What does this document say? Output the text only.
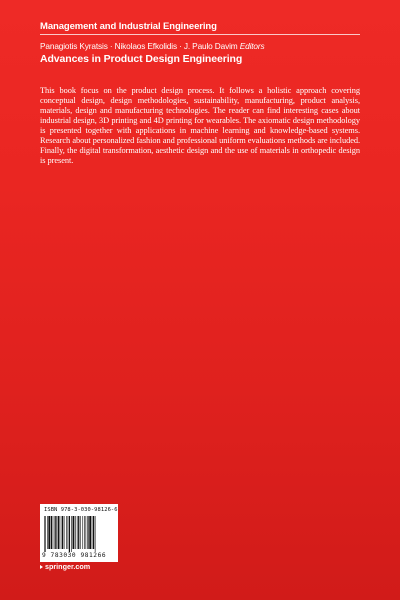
Management and Industrial Engineering
Panagiotis Kyratsis · Nikolaos Efkolidis · J. Paulo Davim Editors
Advances in Product Design Engineering

This book focus on the product design process. It follows a holistic approach covering conceptual design, design methodologies, sustainability, manufacturing, product analysis, materials, design and manufacturing technologies. The reader can find interesting cases about industrial design, 3D printing and 4D printing for wearables. The axiomatic design methodology is presented together with applications in machine learning and knowledge-based systems. Research about personalized fashion and professional uniform evaluations methods are included. Finally, the digital transformation, aesthetic design and the use of materials in orthopedic design is present.

ISBN 978-3-030-98126-6
9 783030 981266
springer.com
